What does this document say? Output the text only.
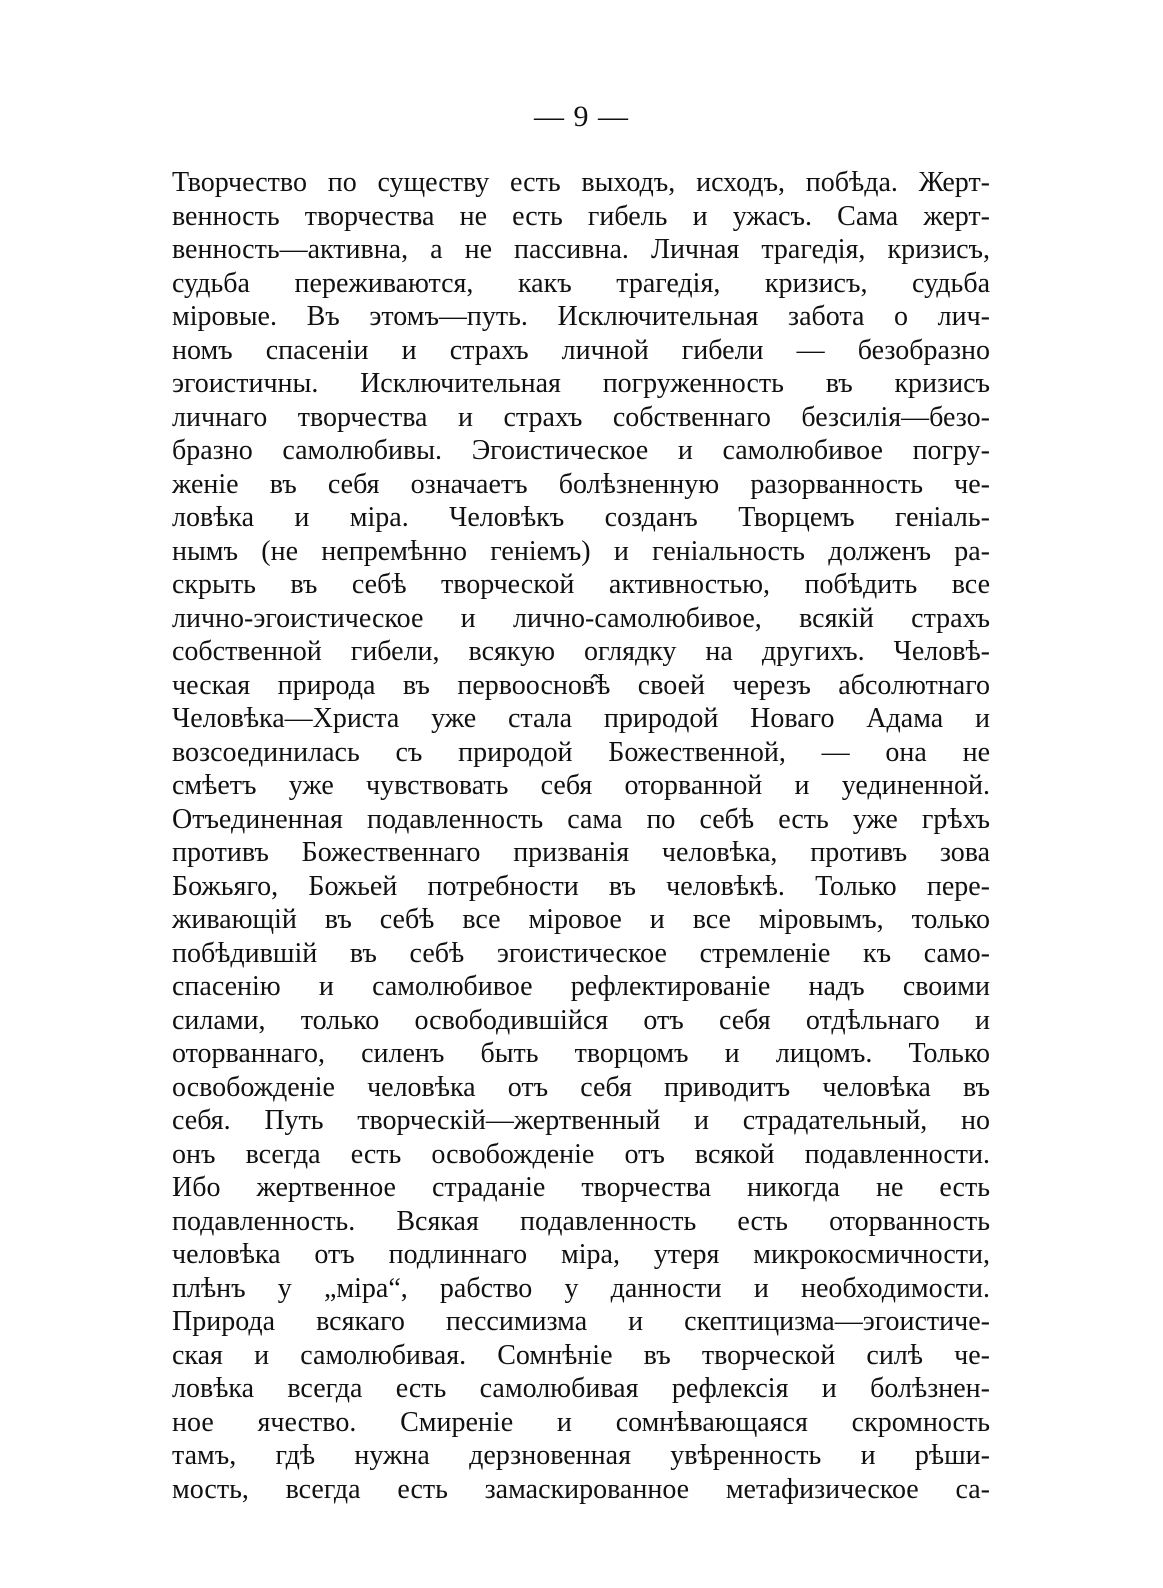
— 9 —
Творчество по существу есть выходъ, исходъ, побѣда. Жерт-
венность творчества не есть гибель и ужасъ. Сама жерт-
венность—активна, а не пассивна. Личная трагедія, кризисъ,
судьба переживаются, какъ трагедія, кризисъ, судьба
міровые. Въ этомъ—путь. Исключительная забота о лич-
номъ спасеніи и страхъ личной гибели — безобразно
эгоистичны. Исключительная погруженность въ кризисъ
личнаго творчества и страхъ собственнаго безсилія—безо-
бразно самолюбивы. Эгоистическое и самолюбивое погру-
женіе въ себя означаетъ болѣзненную разорванность че-
ловѣка и міра. Человѣкъ созданъ Творцемъ геніаль-
нымъ (не непремѣнно геніемъ) и геніальность долженъ ра-
скрыть въ себѣ творческой активностью, побѣдить все
лично-эгоистическое и лично-самолюбивое, всякій страхъ
собственной гибели, всякую оглядку на другихъ. Человѣ-
ческая природа въ первооснов̂ѣ своей черезъ абсолютнаго
Человѣка—Христа уже стала природой Новаго Адама и
возсоединилась съ природой Божественной, — она не
смѣетъ уже чувствовать себя оторванной и уединенной.
Отъединенная подавленность сама по себѣ есть уже грѣхъ
противъ Божественнаго призванія человѣка, противъ зова
Божьяго, Божьей потребности въ человѣкѣ. Только пере-
живающій въ себѣ все міровое и все міровымъ, только
побѣдившій въ себѣ эгоистическое стремленіе къ само-
спасенію и самолюбивое рефлектированіе надъ своими
силами, только освободившійся отъ себя отдѣльнаго и
оторваннаго, силенъ быть творцомъ и лицомъ. Только
освобожденіе человѣка отъ себя приводитъ человѣка въ
себя. Путь творческій—жертвенный и страдательный, но
онъ всегда есть освобожденіе отъ всякой подавленности.
Ибо жертвенное страданіе творчества никогда не есть
подавленность. Всякая подавленность есть оторванность
человѣка отъ подлиннаго міра, утеря микрокосмичности,
плѣнъ у „міра“, рабство у данности и необходимости.
Природа всякаго пессимизма и скептицизма—эгоистиче-
ская и самолюбивая. Сомнѣніе въ творческой силѣ че-
ловѣка всегда есть самолюбивая рефлексія и болѣзнен-
ное ячество. Смиреніе и сомнѣвающаяся скромность
тамъ, гдѣ нужна дерзновенная увѣренность и рѣши-
мость, всегда есть замаскированное метафизическое са-
